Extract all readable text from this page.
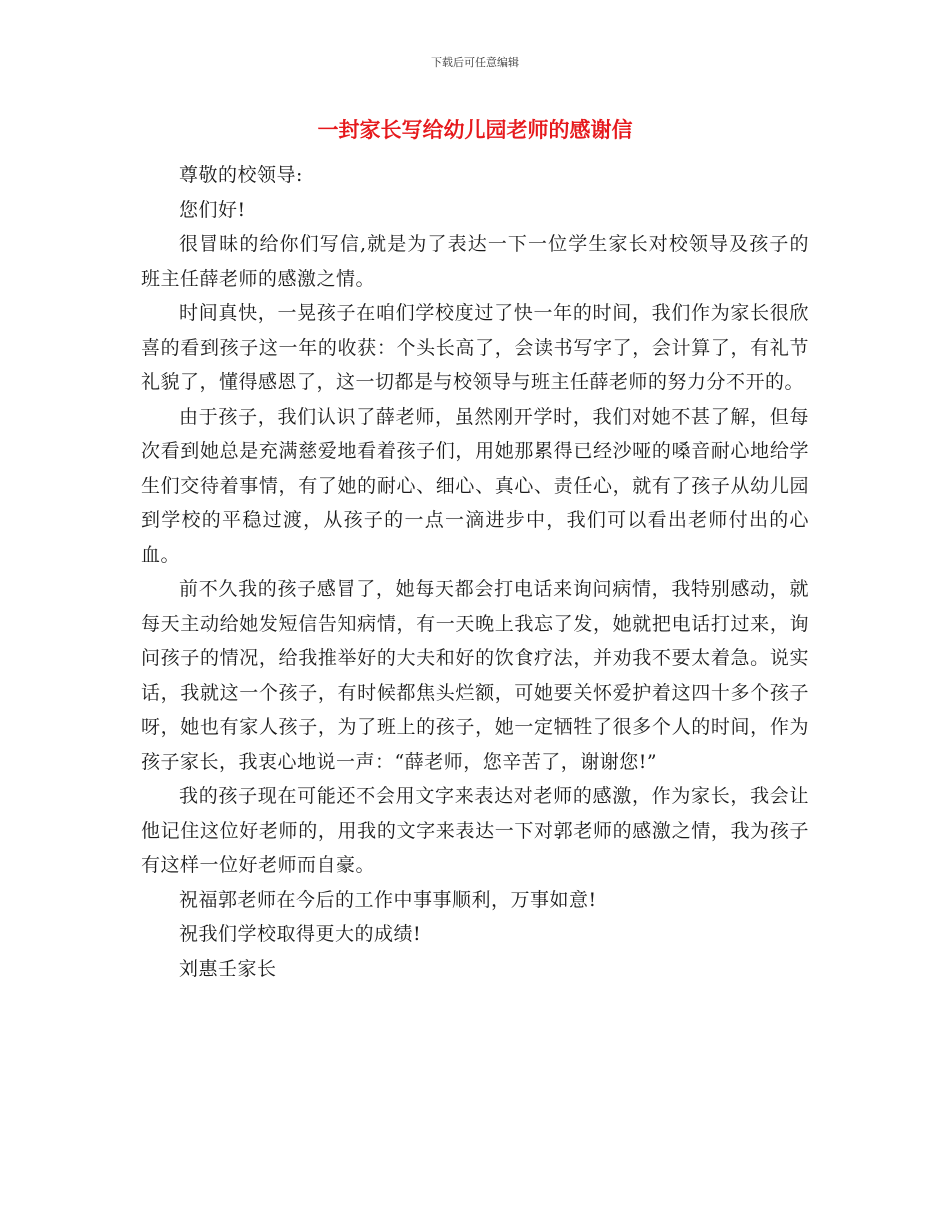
下载后可任意编辑
一封家长写给幼儿园老师的感谢信

尊敬的校领导:

您们好!

很冒昧的给你们写信,就是为了表达一下一位学生家长对校领导及孩子的班主任薛老师的感激之情。

时间真快，一晃孩子在咱们学校度过了快一年的时间，我们作为家长很欣喜的看到孩子这一年的收获：个头长高了，会读书写字了，会计算了，有礼节礼貌了，懂得感恩了，这一切都是与校领导与班主任薛老师的努力分不开的。

由于孩子，我们认识了薛老师，虽然刚开学时，我们对她不甚了解，但每次看到她总是充满慈爱地看着孩子们，用她那累得已经沙哑的嗓音耐心地给学生们交待着事情，有了她的耐心、细心、真心、责任心，就有了孩子从幼儿园到学校的平稳过渡，从孩子的一点一滴进步中，我们可以看出老师付出的心血。

前不久我的孩子感冒了，她每天都会打电话来询问病情，我特别感动，就每天主动给她发短信告知病情，有一天晚上我忘了发，她就把电话打过来，询问孩子的情况，给我推举好的大夫和好的饮食疗法，并劝我不要太着急。说实话，我就这一个孩子，有时候都焦头烂额，可她要关怀爱护着这四十多个孩子呀，她也有家人孩子，为了班上的孩子，她一定牺牲了很多个人的时间，作为孩子家长，我衷心地说一声：“薛老师，您辛苦了，谢谢您!”

我的孩子现在可能还不会用文字来表达对老师的感激，作为家长，我会让他记住这位好老师的，用我的文字来表达一下对郭老师的感激之情，我为孩子有这样一位好老师而自豪。

祝福郭老师在今后的工作中事事顺利，万事如意!

祝我们学校取得更大的成绩!

刘惠壬家长
